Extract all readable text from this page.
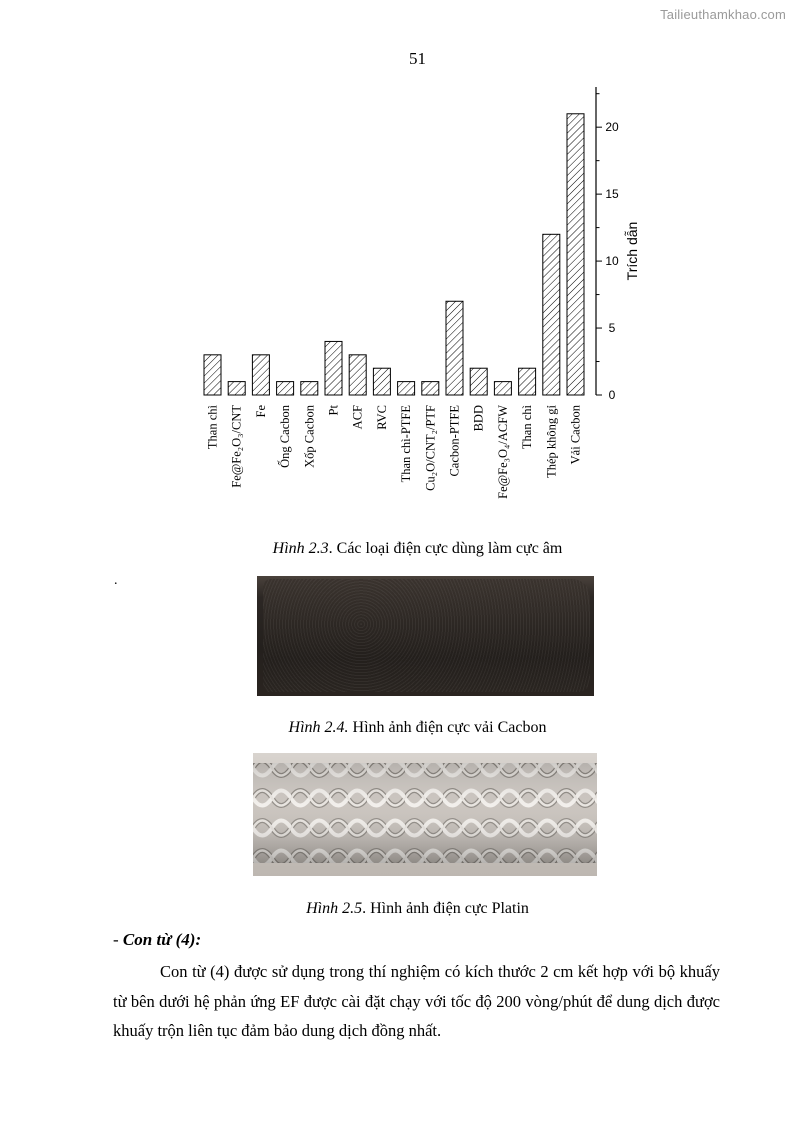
Tailieuthamkhao.com
51
Than chì Fe@Fe₂O₃/CNT Fe Ống Cacbon Xốp Cacbon Pt ACF RVC Than chì-PTFE Cu₂O/CNT₂/PTF Cacbon-PTFE BDD Fe@Fe₃O₄/ACFW Than chì Thép không gỉ Vải Cacbon
0
5
10
15
20
Trích dẫn
Hình 2.3. Các loại điện cực dùng làm cực âm
.
Hình 2.4. Hình ảnh điện cực vải Cacbon
Hình 2.5. Hình ảnh điện cực Platin
- Con từ (4):
Con từ (4) được sử dụng trong thí nghiệm có kích thước 2 cm kết hợp với bộ khuấy từ bên dưới hệ phản ứng EF được cài đặt chạy với tốc độ 200 vòng/phút để dung dịch được khuấy trộn liên tục đảm bảo dung dịch đồng nhất.
